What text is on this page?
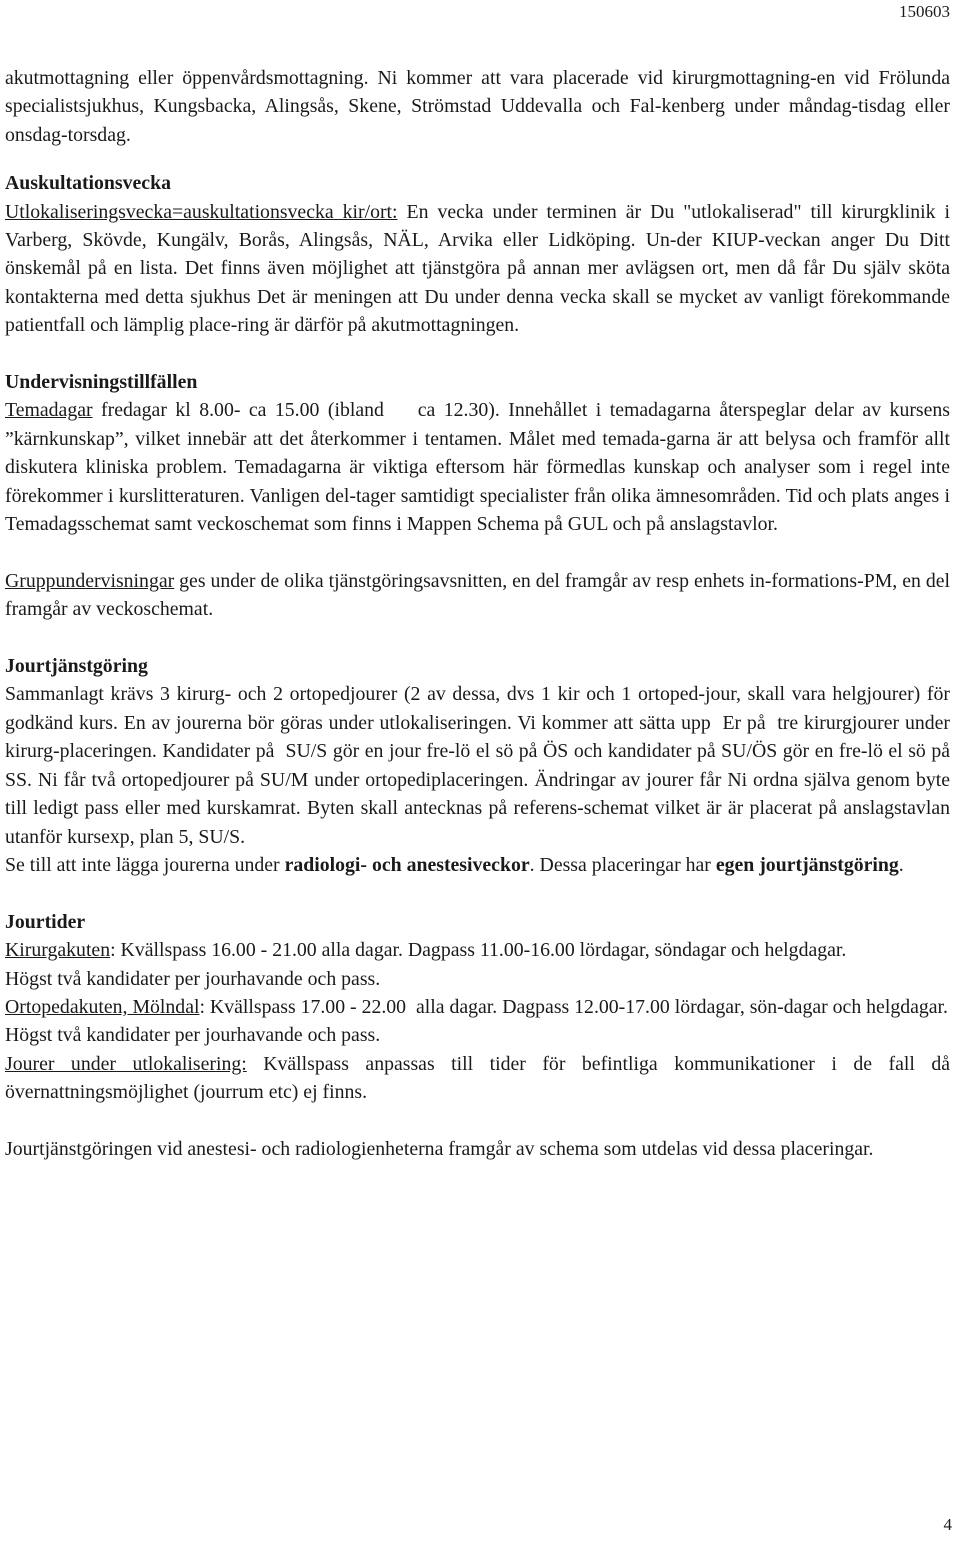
150603

akutmottagning eller öppenvårdsmottagning. Ni kommer att vara placerade vid kirurgmottagning-en vid Frölunda specialistsjukhus, Kungsbacka, Alingsås, Skene, Strömstad Uddevalla och Fal-kenberg under måndag-tisdag eller onsdag-torsdag.

Auskultationsvecka

Utlokaliseringsvecka=auskultationsvecka kir/ort: En vecka under terminen är Du "utlokaliserad" till kirurgklinik i Varberg, Skövde, Kungälv, Borås, Alingsås, NÄL, Arvika eller Lidköping. Un-der KIUP-veckan anger Du Ditt önskemål på en lista. Det finns även möjlighet att tjänstgöra på annan mer avlägsen ort, men då får Du själv sköta kontakterna med detta sjukhus Det är meningen att Du under denna vecka skall se mycket av vanligt förekommande patientfall och lämplig place-ring är därför på akutmottagningen.

Undervisningstillfällen

Temadagar fredagar kl 8.00- ca 15.00 (ibland    ca 12.30). Innehållet i temadagarna återspeglar delar av kursens ”kärnkunskap”, vilket innebär att det återkommer i tentamen. Målet med temada-garna är att belysa och framför allt diskutera kliniska problem. Temadagarna är viktiga eftersom här förmedlas kunskap och analyser som i regel inte förekommer i kurslitteraturen. Vanligen del-tager samtidigt specialister från olika ämnesområden. Tid och plats anges i Temadagsschemat samt veckoschemat som finns i Mappen Schema på GUL och på anslagstavlor.

Gruppundervisningar ges under de olika tjänstgöringsavsnitten, en del framgår av resp enhets in-formations-PM, en del framgår av veckoschemat.

Jourtjänstgöring

Sammanlagt krävs 3 kirurg- och 2 ortopedjourer (2 av dessa, dvs 1 kir och 1 ortoped-jour, skall vara helgjourer) för godkänd kurs. En av jourerna bör göras under utlokaliseringen. Vi kommer att sätta upp  Er på  tre kirurgjourer under kirurg-placeringen. Kandidater på  SU/S gör en jour fre-lö el sö på ÖS och kandidater på SU/ÖS gör en fre-lö el sö på SS. Ni får två ortopedjourer på SU/M under ortopediplaceringen. Ändringar av jourer får Ni ordna själva genom byte till ledigt pass eller med kurskamrat. Byten skall antecknas på referens-schemat vilket är är placerat på anslagstavlan utanför kursexp, plan 5, SU/S.

Se till att inte lägga jourerna under radiologi- och anestesiveckor. Dessa placeringar har egen jourtjänstgöring.

Jourtider

Kirurgakuten: Kvällspass 16.00 - 21.00 alla dagar. Dagpass 11.00-16.00 lördagar, söndagar och helgdagar.

Högst två kandidater per jourhavande och pass.

Ortopedakuten, Mölndal: Kvällspass 17.00 - 22.00  alla dagar. Dagpass 12.00-17.00 lördagar, sön-dagar och helgdagar.

Högst två kandidater per jourhavande och pass.

Jourer under utlokalisering: Kvällspass anpassas till tider för befintliga kommunikationer i de fall då övernattningsmöjlighet (jourrum etc) ej finns.

Jourtjänstgöringen vid anestesi- och radiologienheterna framgår av schema som utdelas vid dessa placeringar.

4
